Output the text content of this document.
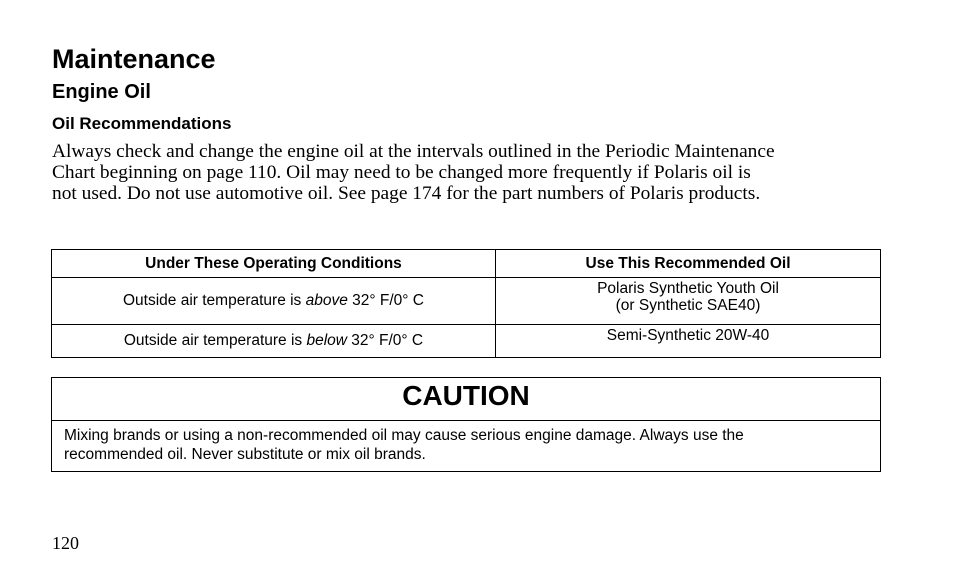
Maintenance
Engine Oil
Oil Recommendations

Always check and change the engine oil at the intervals outlined in the Periodic Maintenance
Chart beginning on page 110. Oil may need to be changed more frequently if Polaris oil is
not used. Do not use automotive oil. See page 174 for the part numbers of Polaris products.

Under These Operating Conditions	Use This Recommended Oil
Outside air temperature is above 32° F/0° C	Polaris Synthetic Youth Oil
(or Synthetic SAE40)

Outside air temperature is below 32° F/0° C	Semi-Synthetic 20W-40
CAUTION
Mixing brands or using a non-recommended oil may cause serious engine damage. Always use the
recommended oil. Never substitute or mix oil brands.
120
